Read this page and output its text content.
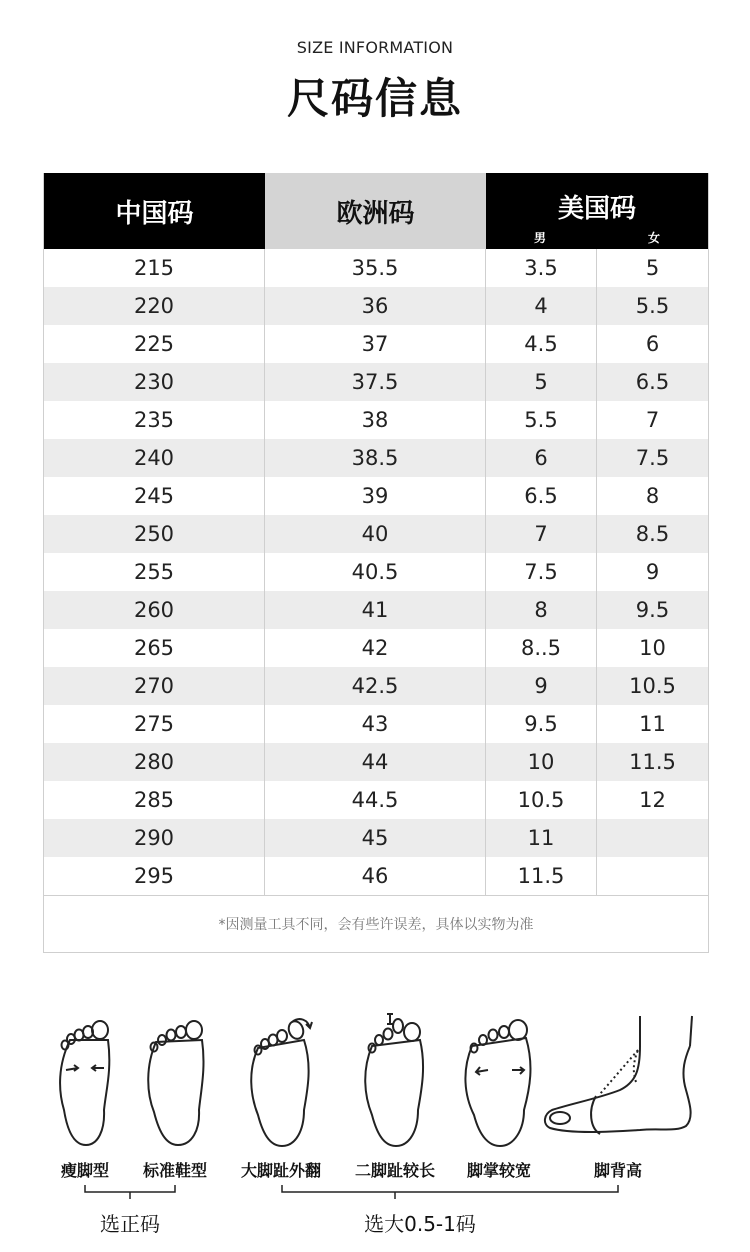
SIZE INFORMATION
尺码信息
中国码	欧洲码	美国码
男	女
215	35.5	3.5	5
220	36	4	5.5
225	37	4.5	6
230	37.5	5	6.5
235	38	5.5	7
240	38.5	6	7.5
245	39	6.5	8
250	40	7	8.5
255	40.5	7.5	9
260	41	8	9.5
265	42	8..5	10
270	42.5	9	10.5
275	43	9.5	11
280	44	10	11.5
285	44.5	10.5	12
290	45	11
295	46	11.5
*因测量工具不同，会有些许误差，具体以实物为准
瘦脚型	标准鞋型	大脚趾外翻	二脚趾较长	脚掌较宽	脚背高
选正码	选大0.5-1码
